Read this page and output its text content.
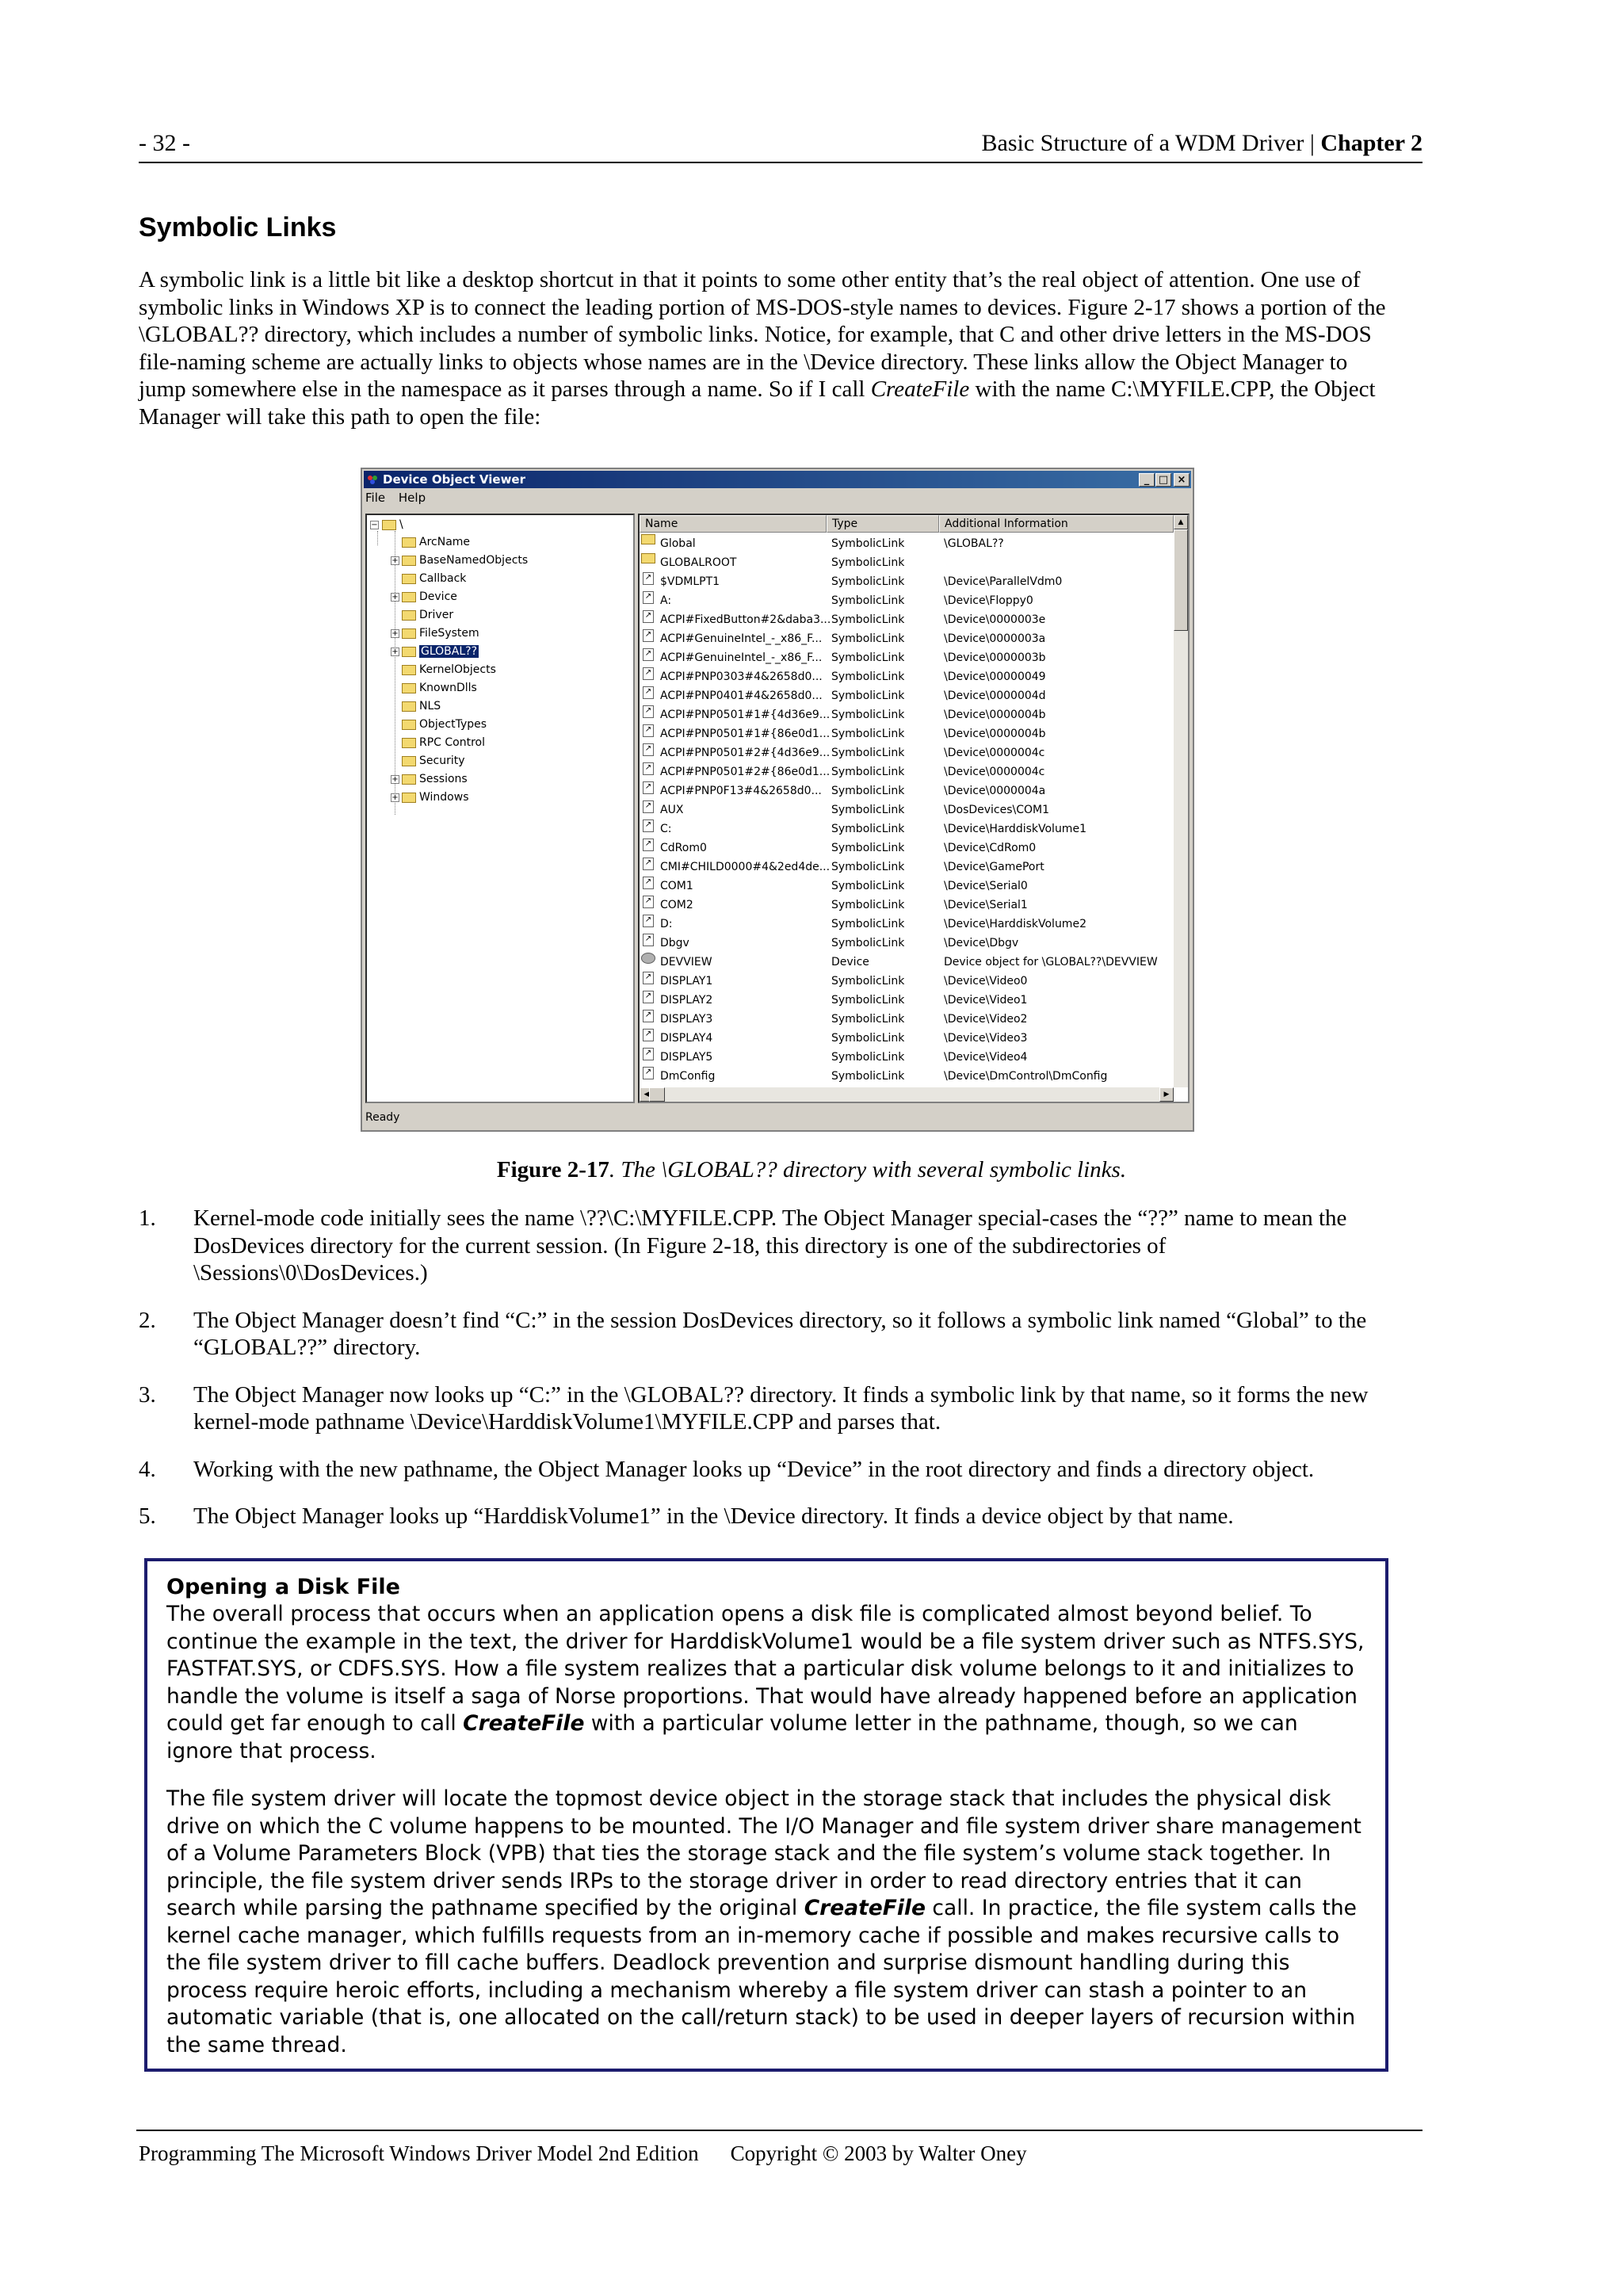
- 32 -	Basic Structure of a WDM Driver | Chapter 2
Symbolic Links

A symbolic link is a little bit like a desktop shortcut in that it points to some other entity that’s the real object of attention. One use of symbolic links in Windows XP is to connect the leading portion of MS-DOS-style names to devices. Figure 2-17 shows a portion of the \GLOBAL?? directory, which includes a number of symbolic links. Notice, for example, that C and other drive letters in the MS-DOS file-naming scheme are actually links to objects whose names are in the \Device directory. These links allow the Object Manager to jump somewhere else in the namespace as it parses through a name. So if I call CreateFile with the name C:\MYFILE.CPP, the Object Manager will take this path to open the file:

Device Object Viewer	_ □ ×
File Help
− \
ArcName
+ BaseNamedObjects
Callback
+ Device
Driver
+ FileSystem
+ GLOBAL??
KernelObjects
KnownDlls
NLS
ObjectTypes
RPC Control
Security
+ Sessions
+ Windows
Name	Type	Additional Information
Global	SymbolicLink	\GLOBAL??
GLOBALROOT	SymbolicLink
↗ $VDMLPT1	SymbolicLink	\Device\ParallelVdm0
↗ A:	SymbolicLink	\Device\Floppy0
↗ ACPI#FixedButton#2&daba3... SymbolicLink	\Device\0000003e
↗ ACPI#GenuineIntel_-_x86_F... SymbolicLink	\Device\0000003a
↗ ACPI#GenuineIntel_-_x86_F... SymbolicLink	\Device\0000003b
↗ ACPI#PNP0303#4&2658d0... SymbolicLink	\Device\00000049
↗ ACPI#PNP0401#4&2658d0... SymbolicLink	\Device\0000004d
↗ ACPI#PNP0501#1#{4d36e9... SymbolicLink	\Device\0000004b
↗ ACPI#PNP0501#1#{86e0d1... SymbolicLink	\Device\0000004b
↗ ACPI#PNP0501#2#{4d36e9... SymbolicLink	\Device\0000004c
↗ ACPI#PNP0501#2#{86e0d1... SymbolicLink	\Device\0000004c
↗ ACPI#PNP0F13#4&2658d0... SymbolicLink	\Device\0000004a
↗ AUX	SymbolicLink	\DosDevices\COM1
↗ C:	SymbolicLink	\Device\HarddiskVolume1
↗ CdRom0	SymbolicLink	\Device\CdRom0
↗ CMI#CHILD0000#4&2ed4de... SymbolicLink	\Device\GamePort
↗ COM1	SymbolicLink	\Device\Serial0
↗ COM2	SymbolicLink	\Device\Serial1
↗ D:	SymbolicLink	\Device\HarddiskVolume2
↗ Dbgv	SymbolicLink	\Device\Dbgv
DEVVIEW	Device	Device object for \GLOBAL??\DEVVIEW
↗ DISPLAY1	SymbolicLink	\Device\Video0
↗ DISPLAY2	SymbolicLink	\Device\Video1
↗ DISPLAY3	SymbolicLink	\Device\Video2
↗ DISPLAY4	SymbolicLink	\Device\Video3
↗ DISPLAY5	SymbolicLink	\Device\Video4
↗ DmConfig	SymbolicLink	\Device\DmControl\DmConfig
▲
◀	▶
Ready
Figure 2-17. The \GLOBAL?? directory with several symbolic links.
1. Kernel-mode code initially sees the name \??\C:\MYFILE.CPP. The Object Manager special-cases the “??” name to mean the DosDevices directory for the current session. (In Figure 2-18, this directory is one of the subdirectories of \Sessions\0\DosDevices.)
2. The Object Manager doesn’t find “C:” in the session DosDevices directory, so it follows a symbolic link named “Global” to the “GLOBAL??” directory.
3. The Object Manager now looks up “C:” in the \GLOBAL?? directory. It finds a symbolic link by that name, so it forms the new kernel-mode pathname \Device\HarddiskVolume1\MYFILE.CPP and parses that.
4. Working with the new pathname, the Object Manager looks up “Device” in the root directory and finds a directory object.
5. The Object Manager looks up “HarddiskVolume1” in the \Device directory. It finds a device object by that name.
Opening a Disk File

The overall process that occurs when an application opens a disk file is complicated almost beyond belief. To continue the example in the text, the driver for HarddiskVolume1 would be a file system driver such as NTFS.SYS, FASTFAT.SYS, or CDFS.SYS. How a file system realizes that a particular disk volume belongs to it and initializes to handle the volume is itself a saga of Norse proportions. That would have already happened before an application could get far enough to call CreateFile with a particular volume letter in the pathname, though, so we can ignore that process.

The file system driver will locate the topmost device object in the storage stack that includes the physical disk drive on which the C volume happens to be mounted. The I/O Manager and file system driver share management of a Volume Parameters Block (VPB) that ties the storage stack and the file system’s volume stack together. In principle, the file system driver sends IRPs to the storage driver in order to read directory entries that it can search while parsing the pathname specified by the original CreateFile call. In practice, the file system calls the kernel cache manager, which fulfills requests from an in-memory cache if possible and makes recursive calls to the file system driver to fill cache buffers. Deadlock prevention and surprise dismount handling during this process require heroic efforts, including a mechanism whereby a file system driver can stash a pointer to an automatic variable (that is, one allocated on the call/return stack) to be used in deeper layers of recursion within the same thread.

Programming The Microsoft Windows Driver Model 2nd Edition Copyright © 2003 by Walter Oney
